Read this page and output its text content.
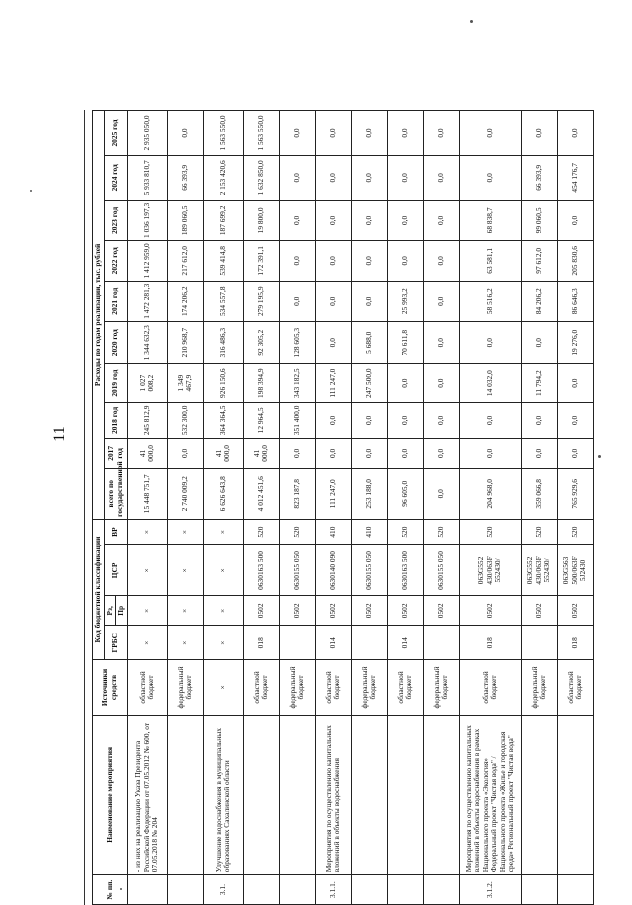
11
№ пп.	Наименование мероприятия	Источники средств	Код бюджетной классификации				Расходы по годам реализации, тыс. рублей									
			ГРБС	Рз,	ЦСР	ВР	всего по государственной	2017 год	2018 год	2019 год	2020 год	2021 год	2022 год	2023 год	2024 год	2025 год
				Пр												
	- из них на реализацию Указа Президента Российской Федерации от 07.05.2012 № 600, от 07.05.2018 № 204	областной бюджет	×	×	×	×	15 448 751,7	41 000,0	245 812,9	1 027 008,2	1 344 632,3	1 472 281,3	1 412 959,0	1 036 197,3	5 933 810,7	2 935 050,0
		федеральный бюджет	×	×	×	×	2 740 009,2	0,0	532 300,0	1 349 467,9	210 968,7	174 206,2	217 612,0	189 060,5	66 393,9	0,0
3.1.	Улучшение водоснабжения в муниципальных образованиях Сахалинской области	×	×	×	×	×	6 626 643,8	41 000,0	364 364,5	926 150,6	316 486,3	534 557,8	539 414,8	187 699,2	2 153 420,6	1 563 550,0
		областной бюджет	018	0502	0630163 500	520	4 012 451,6	41 000,0	12 964,5	198 394,9	92 305,2	279 195,9	172 391,1	19 800,0	1 632 850,0	1 563 550,0
		федеральный бюджет		0502	0630155 050	520	823 187,8	0,0	351 400,0	343 182,5	128 605,3	0,0	0,0	0,0	0,0	0,0
3.1.1.	Мероприятия по осуществлению капитальных вложений в объекты водоснабжения	областной бюджет	014	0502	0630140 090	410	111 247,0	0,0	0,0	111 247,0	0,0	0,0	0,0	0,0	0,0	0,0
		федеральный бюджет		0502	0630155 050	410	253 188,0	0,0	0,0	247 500,0	5 688,0	0,0	0,0	0,0	0,0	0,0
		областной бюджет	014	0502	0630163 500	520	96 605,0	0,0	0,0	0,0	70 611,8	25 993,2	0,0	0,0	0,0	0,0
		федеральный бюджет		0502	0630155 050	520	0,0	0,0	0,0	0,0	0,0	0,0	0,0	0,0	0,0	0,0
3.1.2.	Мероприятия по осуществлению капитальных вложений в объекты водоснабжения в рамках Национального проекта «Экология» Федеральный проект "Чистая вода" / Национального проекта «Жилье и городская среда» Региональный проект "Чистая вода"	областной бюджет	018	0502	063G552 430/063F 552430/	520	204 968,0	0,0	0,0	14 032,0	0,0	58 516,2	63 581,1	68 838,7	0,0	0,0
		федеральный бюджет		0502	063G552 430/063F 552430/	520	359 066,8	0,0	0,0	11 794,2	0,0	84 206,2	97 612,0	99 060,5	66 393,9	0,0
		областной бюджет	018	0502	063G563 500/063F 5J2430	520	765 929,6	0,0	0,0	0,0	19 276,0	86 646,3	205 830,6	0,0	454 176,7	0,0
